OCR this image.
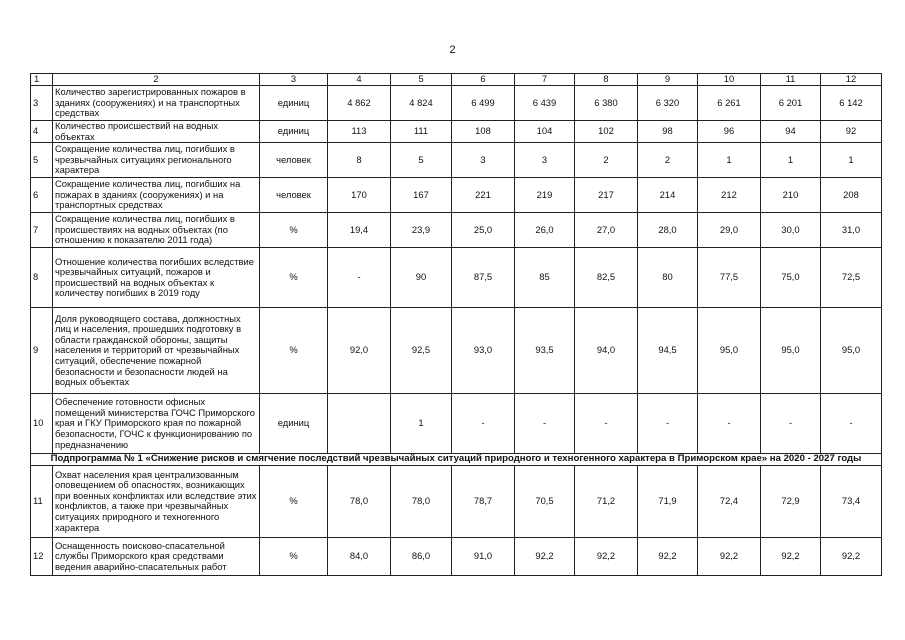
2
1	2	3	4	5	6	7	8	9	10	11	12
3	Количество зарегистрированных пожаров в зданиях (сооружениях) и на транспортных средствах	единиц	4 862	4 824	6 499	6 439	6 380	6 320	6 261	6 201	6 142
4	Количество происшествий на водных объектах	единиц	113	111	108	104	102	98	96	94	92
5	Сокращение количества лиц, погибших в чрезвычайных ситуациях регионального характера	человек	8	5	3	3	2	2	1	1	1
6	Сокращение количества лиц, погибших на пожарах в зданиях (сооружениях) и на транспортных средствах	человек	170	167	221	219	217	214	212	210	208
7	Сокращение количества лиц, погибших в происшествиях на водных объектах (по отношению к показателю 2011 года)	%	19,4	23,9	25,0	26,0	27,0	28,0	29,0	30,0	31,0
8	Отношение количества погибших вследствие чрезвычайных ситуаций, пожаров и происшествий на водных объектах к количеству погибших в 2019 году	%	-	90	87,5	85	82,5	80	77,5	75,0	72,5
9	Доля руководящего состава, должностных лиц и населения, прошедших подготовку в области гражданской обороны, защиты населения и территорий от чрезвычайных ситуаций, обеспечение пожарной безопасности и безопасности людей на водных объектах	%	92,0	92,5	93,0	93,5	94,0	94,5	95,0	95,0	95,0
10	Обеспечение готовности офисных помещений министерства ГОЧС Приморского края и ГКУ Приморского края по пожарной безопасности, ГОЧС к функционированию по предназначению	единиц		1	-	-	-	-	-	-	-
Подпрограмма № 1 «Снижение рисков и смягчение последствий чрезвычайных ситуаций природного и техногенного характера в Приморском крае» на 2020 - 2027 годы											
11	Охват населения края централизованным оповещением об опасностях, возникающих при военных конфликтах или вследствие этих конфликтов, а также при чрезвычайных ситуациях природного и техногенного характера	%	78,0	78,0	78,7	70,5	71,2	71,9	72,4	72,9	73,4
12	Оснащенность поисково-спасательной службы Приморского края средствами ведения аварийно-спасательных работ	%	84,0	86,0	91,0	92,2	92,2	92,2	92,2	92,2	92,2
